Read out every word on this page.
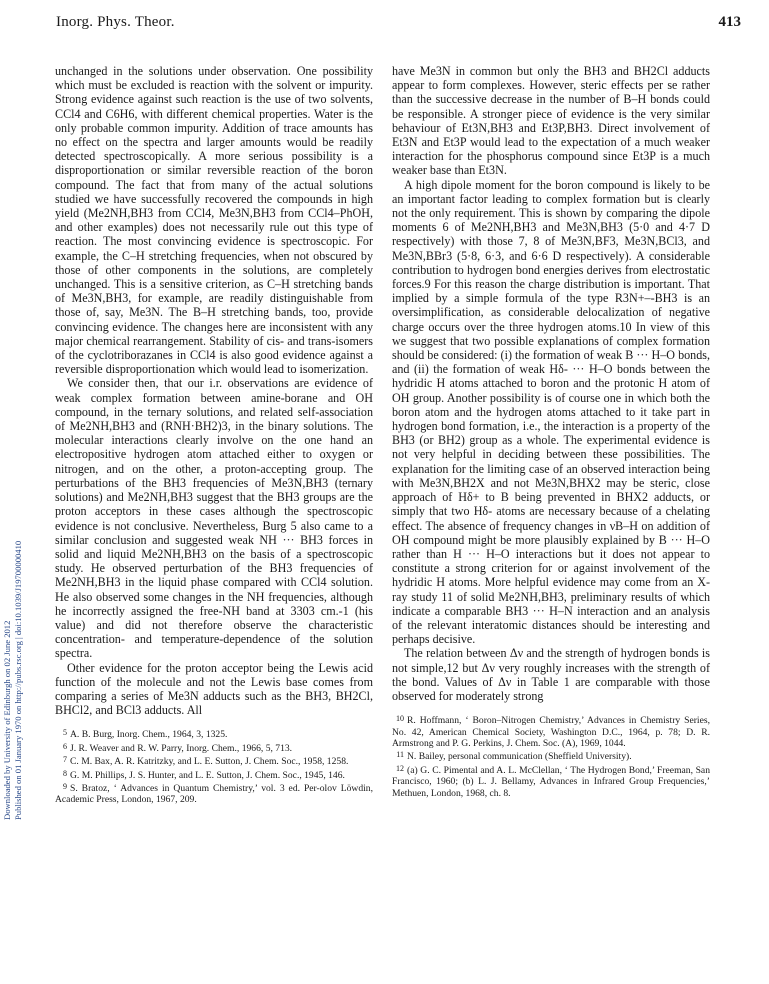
Inorg. Phys. Theor.	413
Downloaded by University of Edinburgh on 02 June 2012 Published on 01 January 1970 on http://pubs.rsc.org | doi:10.1039/J19700000410

unchanged in the solutions under observation. One possibility which must be excluded is reaction with the solvent or impurity. Strong evidence against such reaction is the use of two solvents, CCl4 and C6H6, with different chemical properties. Water is the only probable common impurity. Addition of trace amounts has no effect on the spectra and larger amounts would be readily detected spectroscopically. A more serious possibility is a disproportionation or similar reversible reaction of the boron compound. The fact that from many of the actual solutions studied we have successfully recovered the compounds in high yield (Me2NH,BH3 from CCl4, Me3N,BH3 from CCl4–PhOH, and other examples) does not necessarily rule out this type of reaction. The most convincing evidence is spectroscopic. For example, the C–H stretching frequencies, when not obscured by those of other components in the solutions, are completely unchanged. This is a sensitive criterion, as C–H stretching bands of Me3N,BH3, for example, are readily distinguishable from those of, say, Me3N. The B–H stretching bands, too, provide convincing evidence. The changes here are inconsistent with any major chemical rearrangement. Stability of cis- and trans-isomers of the cyclotriborazanes in CCl4 is also good evidence against a reversible disproportionation which would lead to isomerization.

We consider then, that our i.r. observations are evidence of weak complex formation between amine-borane and OH compound, in the ternary solutions, and related self-association of Me2NH,BH3 and (RNH·BH2)3, in the binary solutions. The molecular interactions clearly involve on the one hand an electropositive hydrogen atom attached either to oxygen or nitrogen, and on the other, a proton-accepting group. The perturbations of the BH3 frequencies of Me3N,BH3 (ternary solutions) and Me2NH,BH3 suggest that the BH3 groups are the proton acceptors in these cases although the spectroscopic evidence is not conclusive. Nevertheless, Burg 5 also came to a similar conclusion and suggested weak NH ··· BH3 forces in solid and liquid Me2NH,BH3 on the basis of a spectroscopic study. He observed perturbation of the BH3 frequencies of Me2NH,BH3 in the liquid phase compared with CCl4 solution. He also observed some changes in the NH frequencies, although he incorrectly assigned the free-NH band at 3303 cm.-1 (his value) and did not therefore observe the characteristic concentration- and temperature-dependence of the solution spectra.

Other evidence for the proton acceptor being the Lewis acid function of the molecule and not the Lewis base comes from comparing a series of Me3N adducts such as the BH3, BH2Cl, BHCl2, and BCl3 adducts. All

5 A. B. Burg, Inorg. Chem., 1964, 3, 1325.

6 J. R. Weaver and R. W. Parry, Inorg. Chem., 1966, 5, 713.

7 C. M. Bax, A. R. Katritzky, and L. E. Sutton, J. Chem. Soc., 1958, 1258.

8 G. M. Phillips, J. S. Hunter, and L. E. Sutton, J. Chem. Soc., 1945, 146.

9 S. Bratoz, ‘ Advances in Quantum Chemistry,’ vol. 3 ed. Per-olov Löwdin, Academic Press, London, 1967, 209.

have Me3N in common but only the BH3 and BH2Cl adducts appear to form complexes. However, steric effects per se rather than the successive decrease in the number of B–H bonds could be responsible. A stronger piece of evidence is the very similar behaviour of Et3N,BH3 and Et3P,BH3. Direct involvement of Et3N and Et3P would lead to the expectation of a much weaker interaction for the phosphorus compound since Et3P is a much weaker base than Et3N.

A high dipole moment for the boron compound is likely to be an important factor leading to complex formation but is clearly not the only requirement. This is shown by comparing the dipole moments 6 of Me2NH,BH3 and Me3N,BH3 (5·0 and 4·7 D respectively) with those 7, 8 of Me3N,BF3, Me3N,BCl3, and Me3N,BBr3 (5·8, 6·3, and 6·6 D respectively). A considerable contribution to hydrogen bond energies derives from electrostatic forces.9 For this reason the charge distribution is important. That implied by a simple formula of the type R3N+–-BH3 is an oversimplification, as considerable delocalization of negative charge occurs over the three hydrogen atoms.10 In view of this we suggest that two possible explanations of complex formation should be considered: (i) the formation of weak B ··· H–O bonds, and (ii) the formation of weak Hδ- ··· H–O bonds between the hydridic H atoms attached to boron and the protonic H atom of OH group. Another possibility is of course one in which both the boron atom and the hydrogen atoms attached to it take part in hydrogen bond formation, i.e., the interaction is a property of the BH3 (or BH2) group as a whole. The experimental evidence is not very helpful in deciding between these possibilities. The explanation for the limiting case of an observed interaction being with Me3N,BH2X and not Me3N,BHX2 may be steric, close approach of Hδ+ to B being prevented in BHX2 adducts, or simply that two Hδ- atoms are necessary because of a chelating effect. The absence of frequency changes in νB–H on addition of OH compound might be more plausibly explained by B ··· H–O rather than H ··· H–O interactions but it does not appear to constitute a strong criterion for or against involvement of the hydridic H atoms. More helpful evidence may come from an X-ray study 11 of solid Me2NH,BH3, preliminary results of which indicate a comparable BH3 ··· H–N interaction and an analysis of the relevant interatomic distances should be interesting and perhaps decisive.

The relation between Δν and the strength of hydrogen bonds is not simple,12 but Δν very roughly increases with the strength of the bond. Values of Δν in Table 1 are comparable with those observed for moderately strong

10 R. Hoffmann, ‘ Boron–Nitrogen Chemistry,’ Advances in Chemistry Series, No. 42, American Chemical Society, Washington D.C., 1964, p. 78; D. R. Armstrong and P. G. Perkins, J. Chem. Soc. (A), 1969, 1044.

11 N. Bailey, personal communication (Sheffield University).

12 (a) G. C. Pimental and A. L. McClellan, ‘ The Hydrogen Bond,’ Freeman, San Francisco, 1960; (b) L. J. Bellamy, Advances in Infrared Group Frequencies,’ Methuen, London, 1968, ch. 8.
